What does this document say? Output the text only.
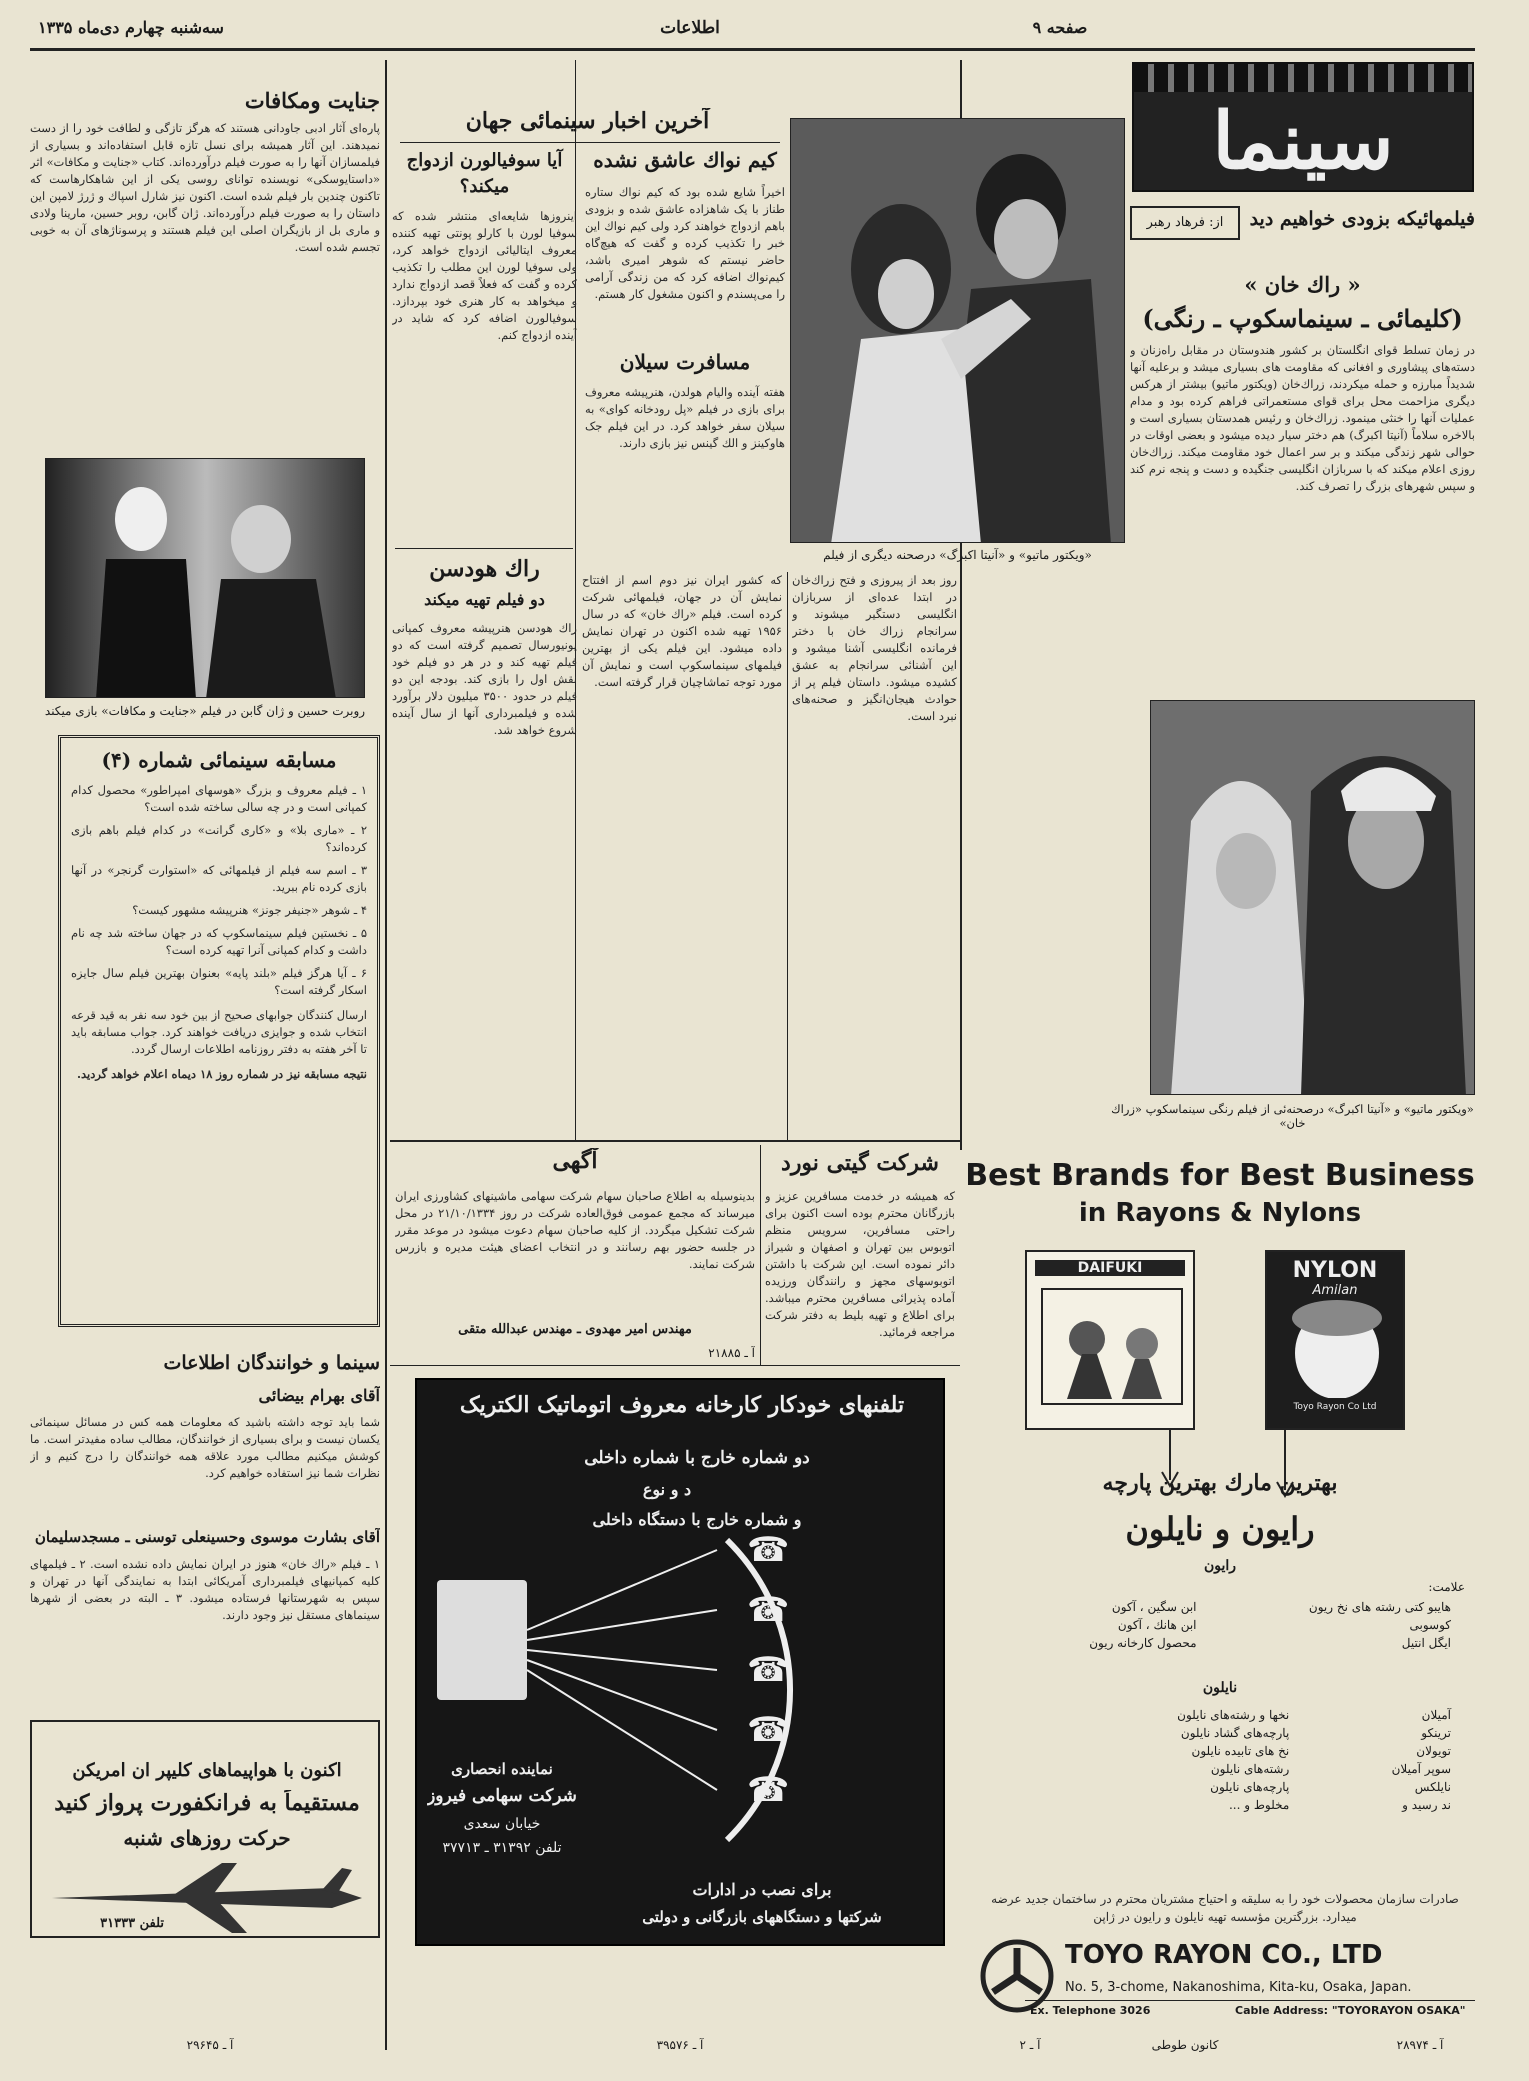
سه‌شنبه چهارم دی‌ماه ۱۳۳۵	اطلاعات	صفحه ۹
سینما
فیلمهائیکه بزودی خواهیم دید
از: فرهاد رهبر
« راك خان »
(کلیمائی ـ سینماسکوپ ـ رنگی)
«ویکتور ماتیو» و «آنیتا اکبرگ» درصحنه دیگری از فیلم
در زمان تسلط قوای انگلستان بر کشور هندوستان در مقابل راه‌زنان و دسته‌های پیشاوری و افغانی که مقاومت های بسیاری میشد و برعلیه آنها شدیداً مبارزه و حمله میکردند، زراك‌خان (ویکتور ماتیو) بیشتر از هرکس دیگری مزاحمت محل برای قوای مستعمراتی فراهم کرده بود و مدام عملیات آنها را خنثی مینمود. زراك‌خان و رئیس همدستان بسیاری است و بالاخره سلاماً (آنیتا اکبرگ) هم دختر سیار دیده میشود و بعضی اوقات در حوالی شهر زندگی میکند و بر سر اعمال خود مقاومت میکند. زراك‌خان روزی اعلام میکند که با سربازان انگلیسی جنگیده و دست و پنجه نرم کند و سپس شهرهای بزرگ را تصرف کند.
«ویکتور ماتیو» و «آنیتا اکبرگ» درصحنه‌ئی از فیلم رنگی سینماسکوپ «زراك خان»
آخرین اخبار سینمائی جهان
کیم نواك عاشق نشده
اخیراً شایع شده بود که کیم نواك ستاره طناز با یک شاهزاده عاشق شده و بزودی باهم ازدواج خواهند کرد ولی کیم نواك این خبر را تکذیب کرده و گفت که هیچ‌گاه حاضر نیستم که شوهر امیری باشد، کیم‌نواك اضافه کرد که من زندگی آرامی را می‌پسندم و اکنون مشغول کار هستم.
مسافرت سیلان
هفته آینده والیام هولدن، هنرپیشه معروف برای بازی در فیلم «پل رودخانه کوای» به سیلان سفر خواهد کرد. در این فیلم جک هاوکینز و الك گینس نیز بازی دارند.
آیا سوفیالورن ازدواج میکند؟
اینروزها شایعه‌ای منتشر شده که سوفیا لورن با کارلو پونتی تهیه کننده معروف ایتالیائی ازدواج خواهد کرد، ولی سوفیا لورن این مطلب را تکذیب کرده و گفت که فعلاً قصد ازدواج ندارد و میخواهد به کار هنری خود بپردازد. سوفیالورن اضافه کرد که شاید در آینده ازدواج کنم.
راك هودسن
دو فیلم تهیه میکند
راك هودسن هنرپیشه معروف کمپانی یونیورسال تصمیم گرفته است که دو فیلم تهیه کند و در هر دو فیلم خود نقش اول را بازی کند. بودجه این دو فیلم در حدود ۳۵۰۰ میلیون دلار برآورد شده و فیلمبرداری آنها از سال آینده شروع خواهد شد.
که کشور ایران نیز دوم اسم از افتتاح نمایش آن در جهان، فیلمهائی شرکت کرده است. فیلم «راك خان» که در سال ۱۹۵۶ تهیه شده اکنون در تهران نمایش داده میشود. این فیلم یکی از بهترین فیلمهای سینماسکوپ است و نمایش آن مورد توجه تماشاچیان قرار گرفته است.
روز بعد از پیروزی و فتح زراك‌خان در ابتدا عده‌ای از سربازان انگلیسی دستگیر میشوند و سرانجام زراك خان با دختر فرمانده انگلیسی آشنا میشود و این آشنائی سرانجام به عشق کشیده میشود. داستان فیلم پر از حوادث هیجان‌انگیز و صحنه‌های نبرد است.
جنایت ومکافات
پاره‌ای آثار ادبی جاودانی هستند که هرگز تازگی و لطافت خود را از دست نمیدهند. این آثار همیشه برای نسل تازه قابل استفاده‌اند و بسیاری از فیلمسازان آنها را به صورت فیلم درآورده‌اند. کتاب «جنایت و مکافات» اثر «داستایوسکی» نویسنده توانای روسی یکی از این شاهکارهاست که تاکنون چندین بار فیلم شده است. اکنون نیز شارل اسپاك و ژرژ لامپن این داستان را به صورت فیلم درآورده‌اند. ژان گابن، روبر حسین، مارینا ولادی و ماری بل از بازیگران اصلی این فیلم هستند و پرسوناژهای آن به خوبی تجسم شده است.
روبرت حسین و ژان گابن در فیلم «جنایت و مکافات» بازی میکند
مسابقه سینمائی شماره (۴)
۱ ـ فیلم معروف و بزرگ «هوسهای امپراطور» محصول کدام کمپانی است و در چه سالی ساخته شده است؟
۲ ـ «ماری بلا» و «کاری گرانت» در کدام فیلم باهم بازی کرده‌اند؟
۳ ـ اسم سه فیلم از فیلمهائی که «استوارت گرنجر» در آنها بازی کرده نام ببرید.
۴ ـ شوهر «جنیفر جونز» هنرپیشه مشهور کیست؟
۵ ـ نخستین فیلم سینماسکوپ که در جهان ساخته شد چه نام داشت و کدام کمپانی آنرا تهیه کرده است؟
۶ ـ آیا هرگز فیلم «بلند پایه» بعنوان بهترین فیلم سال جایزه اسکار گرفته است؟
ارسال کنندگان جوابهای صحیح از بین خود سه نفر به قید قرعه انتخاب شده و جوایزی دریافت خواهند کرد. جواب مسابقه باید تا آخر هفته به دفتر روزنامه اطلاعات ارسال گردد.
نتیجه مسابقه نیز در شماره روز ۱۸ دیماه اعلام خواهد گردید.
سینما و خوانندگان اطلاعات
آقای بهرام بیضائی
شما باید توجه داشته باشید که معلومات همه کس در مسائل سینمائی یکسان نیست و برای بسیاری از خوانندگان، مطالب ساده مفیدتر است. ما کوشش میکنیم مطالب مورد علاقه همه خوانندگان را درج کنیم و از نظرات شما نیز استفاده خواهیم کرد.
آقای بشارت موسوی وحسینعلی توسنی ـ مسجدسلیمان
۱ ـ فیلم «راك خان» هنوز در ایران نمایش داده نشده است. ۲ ـ فیلمهای کلیه کمپانیهای فیلمبرداری آمریکائی ابتدا به نمایندگی آنها در تهران و سپس به شهرستانها فرستاده میشود. ۳ ـ البته در بعضی از شهرها سینماهای مستقل نیز وجود دارند.
اکنون با هواپیماهای کلیپر ان امریکن
مستقیماً به فرانکفورت پرواز کنید
حرکت روزهای شنبه
تلفن ۳۱۳۳۳
آ ـ ۲۹۶۴۵
آگهی
بدینوسیله به اطلاع صاحبان سهام شرکت سهامی ماشینهای کشاورزی ایران میرساند که مجمع عمومی فوق‌العاده شرکت در روز ۲۱/۱۰/۱۳۳۴ در محل شرکت تشکیل میگردد. از کلیه صاحبان سهام دعوت میشود در موعد مقرر در جلسه حضور بهم رسانند و در انتخاب اعضای هیئت مدیره و بازرس شرکت نمایند.
مهندس امیر مهدوی ـ مهندس عبدالله متقی
آ ـ ۲۱۸۸۵
شرکت گیتی نورد
که همیشه در خدمت مسافرین عزیز و بازرگانان محترم بوده است اکنون برای راحتی مسافرین، سرویس منظم اتوبوس بین تهران و اصفهان و شیراز دائر نموده است. این شرکت با داشتن اتوبوسهای مجهز و رانندگان ورزیده آماده پذیرائی مسافرین محترم میباشد. برای اطلاع و تهیه بلیط به دفتر شرکت مراجعه فرمائید.
تلفنهای خودکار کارخانه معروف اتوماتیک الکتریک
دو شماره خارج با شماره داخلی
د و نوع
و شماره خارج با دستگاه داخلی
☎
☎
☎
☎
☎
نماینده انحصاری
شرکت سهامی فیروز
خیابان سعدی
تلفن ۳۱۳۹۲ ـ ۳۷۷۱۳
برای نصب در ادارات
شرکتها و دستگاههای بازرگانی و دولتی
آ ـ ۳۹۵۷۶
Best Brands for Best Business
in Rayons & Nylons
DAIFUKI	NYLON
Amilan
Toyo Rayon Co Ltd
بهترین مارك بهترین پارچه
رایون و نایلون
رایون
علامت:
هایبو کتی رشته های نخ ریون	ابن سگین ، آکون
کوسوبی	ابن هانك ، آکون
ایگل انتیل	محصول کارخانه ریون
نایلون
آمیلان	نخها و رشته‌های نایلون
ترینکو	پارچه‌های گشاد نایلون
تویولان	نخ های تابیده نایلون
سوپر آمیلان	رشته‌های نایلون
نایلکس	پارچه‌های نایلون
ند رسید و	مخلوط و ...
صادرات سازمان محصولات خود را به سلیقه و احتیاج مشتریان محترم در ساختمان جدید عرضه میدارد. بزرگترین مؤسسه تهیه نایلون و رایون در ژاپن
TOYO RAYON CO., LTD
No. 5, 3-chome, Nakanoshima, Kita-ku, Osaka, Japan.
Ex. Telephone 3026	Cable Address: "TOYORAYON OSAKA"
کانون طوطی	آ ـ ۲۸۹۷۴
آ ـ ۲
